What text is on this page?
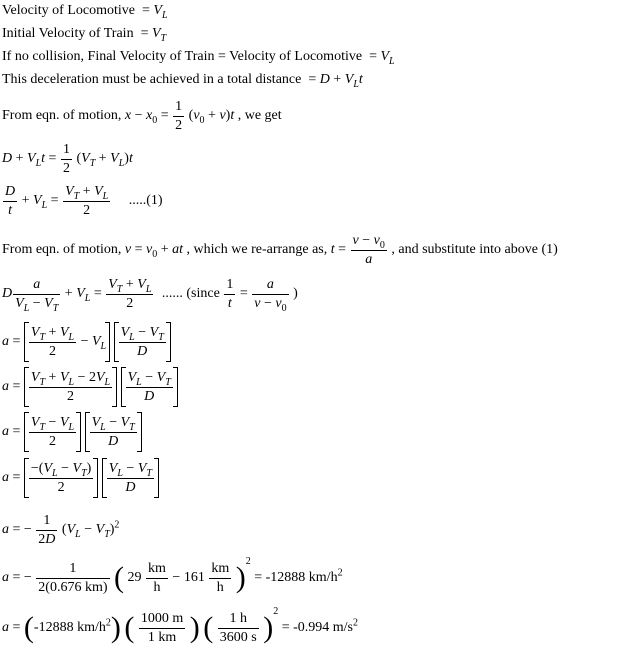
Velocity of Locomotive  = $V_L$
Initial Velocity of Train  = $V_T$
If no collision, Final Velocity of Train = Velocity of Locomotive  = $V_L$
This deceleration must be achieved in a total distance  = $D + V_Lt$
From eqn. of motion, $x - x_0 = \frac{1}{2} (v_0 + v)t$ , we get
$D + V_Lt = \frac{1}{2} (V_T + V_L)t$
$\frac{D}{t} + V_L = \frac{V_T + V_L}{2} .....(1)$
From eqn. of motion, $v = v_0$ + at , which we re-arrange as, $t = \frac{v - v_0}{a}$ , and substitute into above (1)
D $\frac{a}{V_L - V_T} + V_L = \frac{V_T + V_L}{2}$ ...... (since $\frac{1}{t} = \frac{a}{v - v_0}$ )
$a = \frac{V_T + V_L}{2} - V_L \frac{V_L - V_T}{D}$
$a = \frac{V_T + V_L - 2V_L}{2}$
$\frac{V_L - V_T}{D}$
$a = \frac{V_T - V_L}{2}$
$\frac{V_L - V_T}{D}$
$a = \frac{-(V_L - V_T)}{2}$
$\frac{V_L - V_T}{D}$
a = − $\frac{1}{2D} (V_L - V_T)^2$
a = − $\frac{1}{2(0.676 km)}$ ( $29 \frac{km}{h} - 161 \frac{km}{h} )^2 = -12888$ $km/h^2$
a = (-12888 $km/h^2$) ( $\frac{1000 m}{1 km}$ ) ( $\frac{1 h}{3600 s} )^2 = -0.994$ $m/s^2$
